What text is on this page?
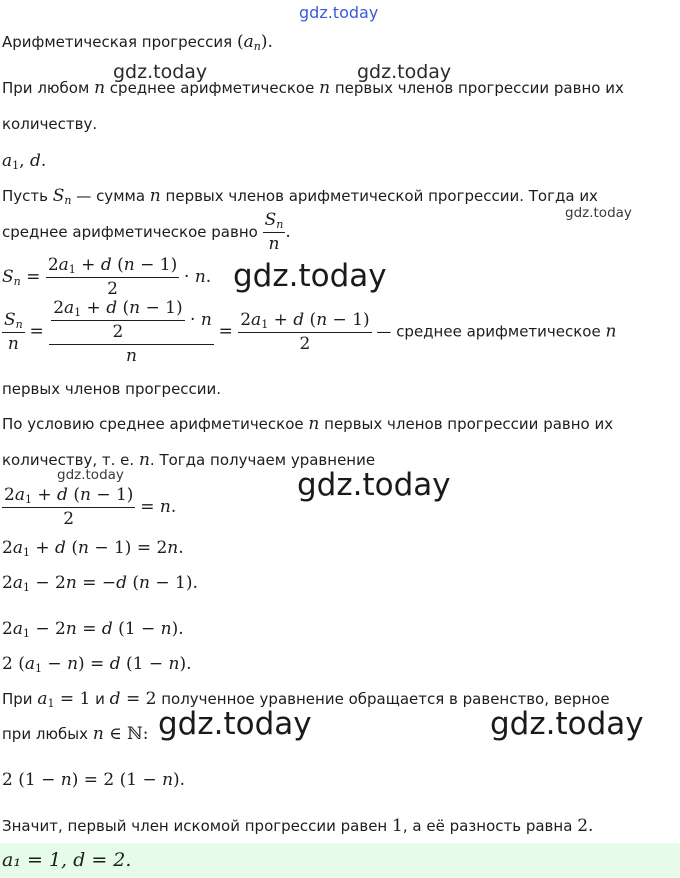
gdz.today
gdz.today	gdz.today
gdz.today
gdz.today
gdz.today	gdz.today
gdz.today	gdz.today
Арифметическая прогрессия $(a_n)$.
При любом n среднее арифметическое n первых членов прогрессии равно их
количеству.
$a_1$, d.
Пусть $S_n$ — сумма n первых членов арифметической прогрессии. Тогда их
среднее арифметическое равно $\frac{S_n}{n}$ .
$S_n = \frac{2a_1 + d (n - 1)}{2} \cdot n$.
$\frac{S_n}{n} = \frac{\frac{2a_1 + d (n - 1)}{2} \cdot n}{n} = \frac{2a_1 + d (n - 1)}{2}$ — среднее арифметическое n
первых членов прогрессии.
По условию среднее арифметическое n первых членов прогрессии равно их
количеству, т. е. n. Тогда получаем уравнение
$\frac{2a_1 + d (n - 1)}{2} = n$.
$2a_1 + d$ (n − 1) = 2n.
$2a_1 - 2n = -d$ (n − 1).
$2a_1 - 2n = d$ (1 − n).
2 $(a_1 - n) = d$ (1 − n).
При $a_1 = 1$ и d = 2 полученное уравнение обращается в равенство, верное
при любых n ∈ ℕ:
2 (1 − n) = 2 (1 − n).
Значит, первый член искомой прогрессии равен 1, а её разность равна 2.
a₁ = 1, d = 2.
